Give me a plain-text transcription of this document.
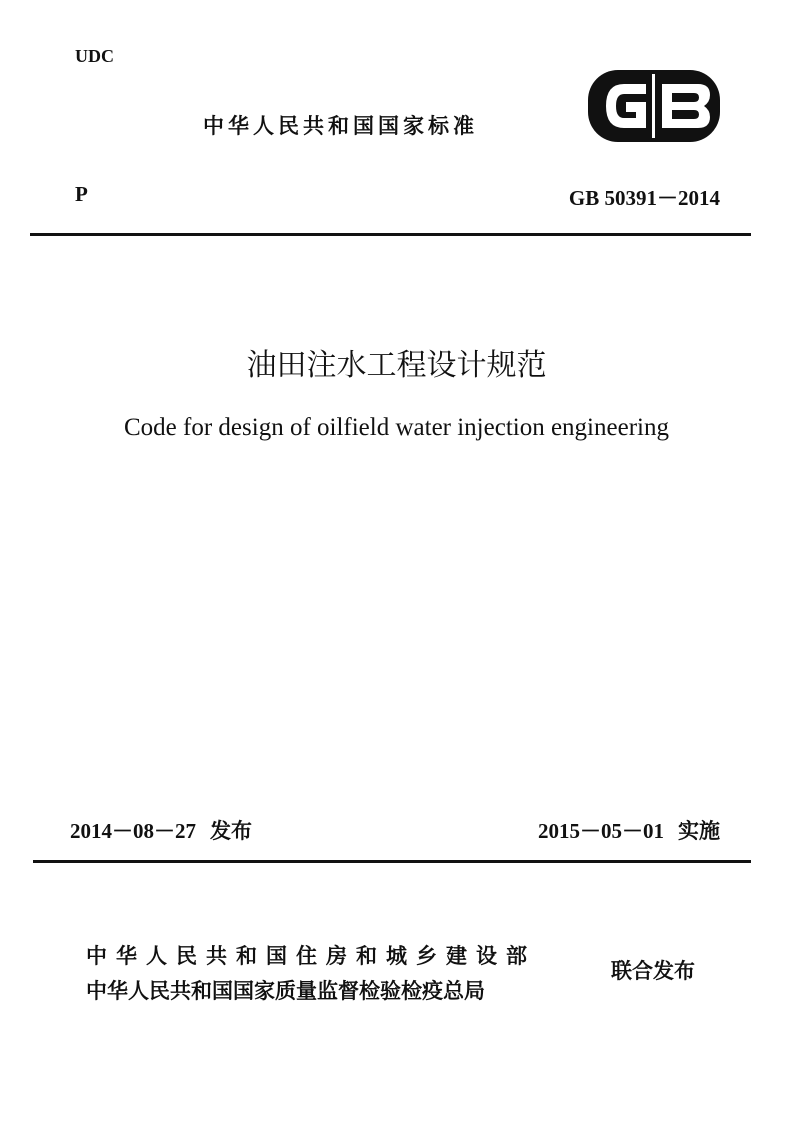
UDC
中华人民共和国国家标准
P	GB 50391－2014
油田注水工程设计规范
Code for design of oilfield water injection engineering
2014－08－27 发布	2015－05－01 实施
中华人民共和国住房和城乡建设部
中华人民共和国国家质量监督检验检疫总局
联合发布
